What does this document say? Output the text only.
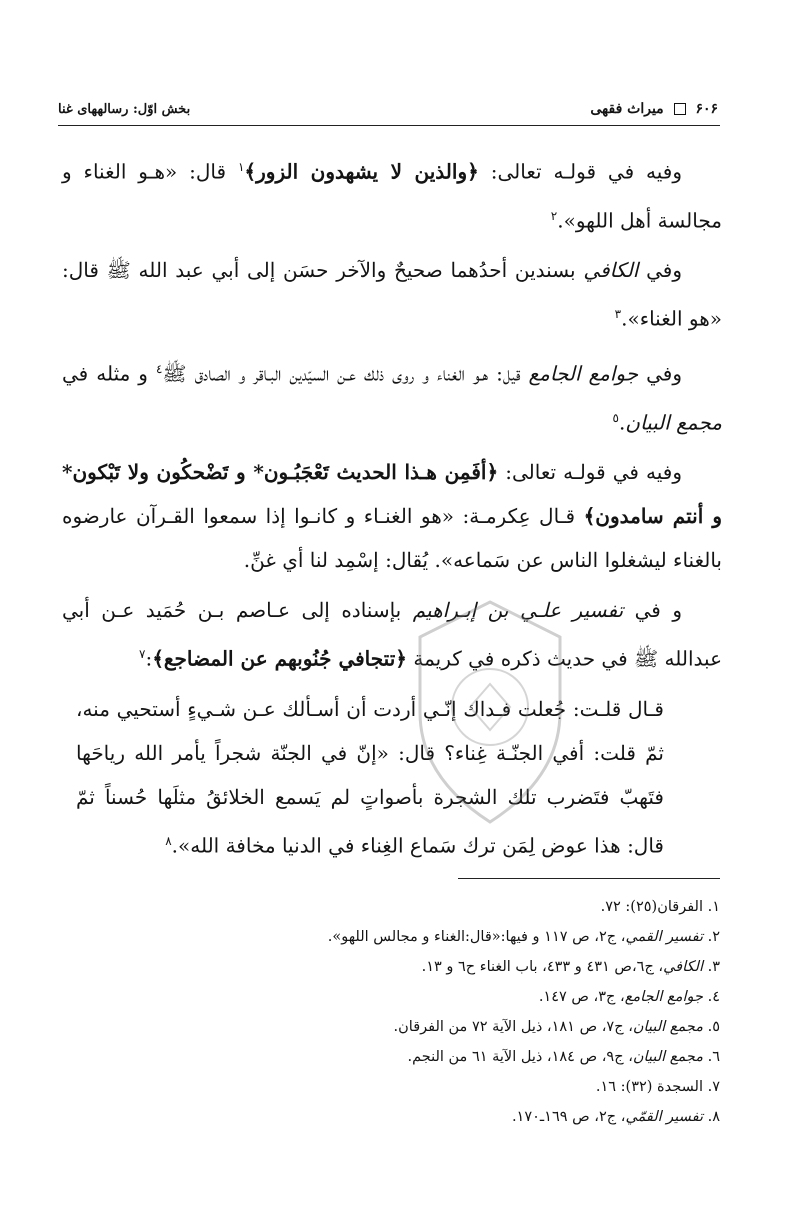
۶۰۶  میراث فقهی
بخش اوّل: رسالههای غنا

وفيه في قولـه تعالى: ﴿والذين لا يشهدون الزور﴾$^١$ قال: «هـو الغناء و مجالسة أهل اللهو».$^٢$

وفي الكافي بسندين أحدُهما صحيحٌ والآخر حسَن إلى أبي عبد الله ﷺ قال: «هو الغناء».$^٣$

وفي جوامع الجامع قيل: هـو الغناء و روى ذلك عـن السيّدين البـاقر و الصادق ﷺ$^٤$ و مثله في مجمع البيان.$^٥$

وفيه في قولـه تعالى: ﴿أفَمِن هـذا الحديث تَعْجَبُـون* و تَضْحكُون ولا تَبْكون* و أنتم سامدون﴾ قـال عِكرمـة: «هو الغنـاء و كانـوا إذا سمعوا القـرآن عارضوه بالغناء ليشغلوا الناس عن سَماعه». يُقال: إسْمِد لنا أي غنِّ.

و في تفسير علـي بن إبـراهيم بإسناده إلى عـاصم بـن حُمَيد عـن أبي عبدالله ﷺ في حديث ذكره في كريمة ﴿تتجافي جُنُوبهم عن المضاجع﴾:$^٧$

قـال قلـت: جُعلت فـداك إنّـي أردت أن أسـألك عـن شـيءٍ أستحيي منه، ثمّ قلت: أفي الجنّـة غِناء؟ قال: «إنّ في الجنّة شجراً يأمر الله رياحَها فتَهبّ فتَضرب تلك الشجرة بأصواتٍ لم يَسمع الخلائقُ مثلَها حُسناً ثمّ قال: هذا عوض لِمَن ترك سَماع الغِناء في الدنيا مخافة الله».$^٨$

١. الفرقان(٢٥): ٧٢.
٢. تفسير القمي، ج٢، ص ١١٧ و فيها:«قال:الغناء و مجالس اللهو».
٣. الكافي، ج٦،ص ٤٣١ و ٤٣٣، باب الغناء ح٦ و ١٣.
٤. جوامع الجامع، ج٣، ص ١٤٧.
٥. مجمع البيان، ج٧، ص ١٨١، ذيل الآية ٧٢ من الفرقان.
٦. مجمع البيان، ج٩، ص ١٨٤، ذيل الآية ٦١ من النجم.
٧. السجدة (٣٢): ١٦.
٨. تفسير القمّي، ج٢، ص ١٦٩ـ١٧٠.
